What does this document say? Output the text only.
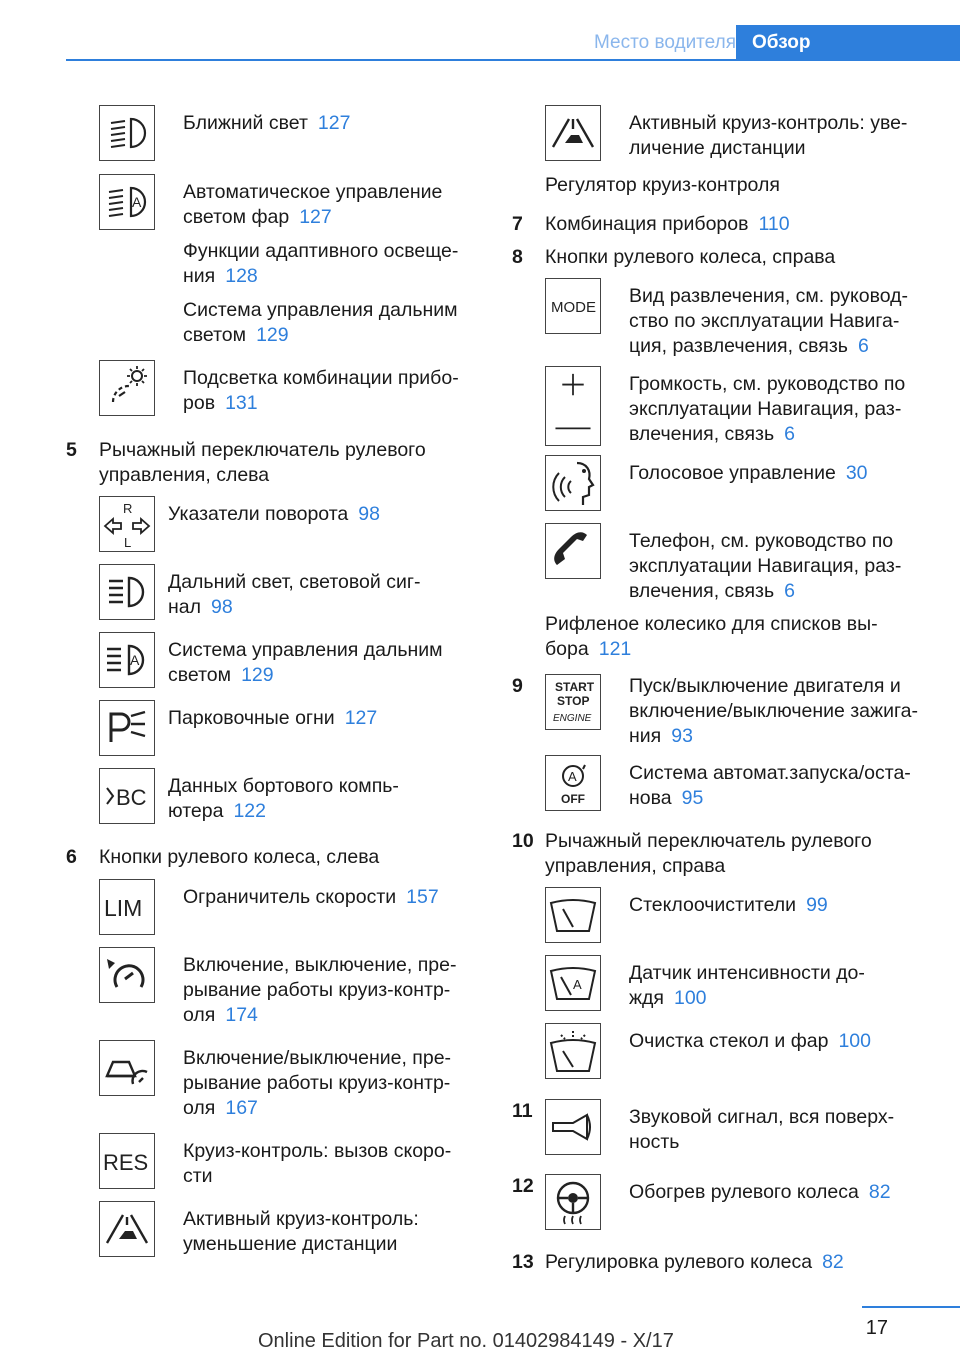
Место водителя Обзор
Ближний свет 127
A Автоматическое управление светом фар 127

Функции адаптивного освеще-ния 128

Система управления дальним светом 129

Подсветка комбинации прибо-ров 131
5	Рычажный переключатель рулевого управления, слева
R
L
Указатели поворота 98
Дальний свет, световой сиг-нал 98
A	Система управления дальним светом 129
Парковочные огни 127
BC	Данных бортового компь-ютера 122
6	Кнопки рулевого колеса, слева
LIM	Ограничитель скорости 157
Включение, выключение, пре-рывание работы круиз-контр-оля 174
Включение/выключение, пре-рывание работы круиз-контр-оля 167
RES	Круиз-контроль: вызов скоро-сти
Активный круиз-контроль: уменьшение дистанции
Активный круиз-контроль: уве-личение дистанции
Регулятор круиз-контроля
7	Комбинация приборов 110
8	Кнопки рулевого колеса, справа
MODE
Вид развлечения, см. руковод-ство по эксплуатации Навига-ция, развлечения, связь 6
Громкость, см. руководство по эксплуатации Навигация, раз-влечения, связь 6
Голосовое управление 30
Телефон, см. руководство по эксплуатации Навигация, раз-влечения, связь 6
Рифленое колесико для списков вы-бора 121
9	START
STOP
ENGINE
Пуск/выключение двигателя и включение/выключение зажига-ния 93
A
OFF
Система автомат.запуска/оста-нова 95
10 Рычажный переключатель рулевого управления, справа
Стеклоочистители 99
A
Датчик интенсивности до-ждя 100
Очистка стекол и фар 100
11	Звуковой сигнал, вся поверх-ность
12	Обогрев рулевого колеса 82
13 Регулировка рулевого колеса 82
17
Online Edition for Part no. 01402984149 - X/17
